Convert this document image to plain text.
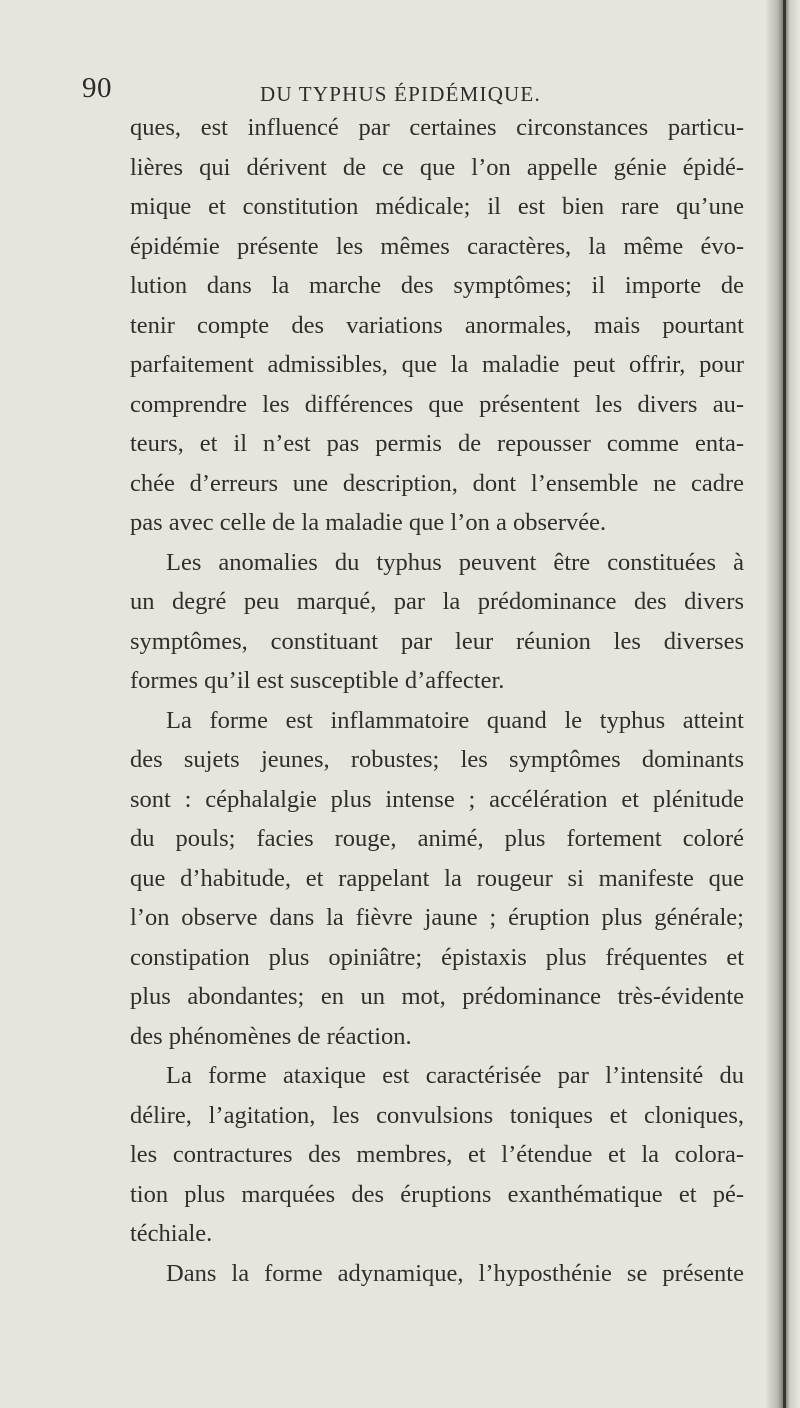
90	DU TYPHUS ÉPIDÉMIQUE.
ques, est influencé par certaines circonstances particu-
lières qui dérivent de ce que l’on appelle génie épidé-
mique et constitution médicale; il est bien rare qu’une
épidémie présente les mêmes caractères, la même évo-
lution dans la marche des symptômes; il importe de
tenir compte des variations anormales, mais pourtant
parfaitement admissibles, que la maladie peut offrir, pour
comprendre les différences que présentent les divers au-
teurs, et il n’est pas permis de repousser comme enta-
chée d’erreurs une description, dont l’ensemble ne cadre
pas avec celle de la maladie que l’on a observée.
Les anomalies du typhus peuvent être constituées à
un degré peu marqué, par la prédominance des divers
symptômes, constituant par leur réunion les diverses
formes qu’il est susceptible d’affecter.
La forme est inflammatoire quand le typhus atteint
des sujets jeunes, robustes; les symptômes dominants
sont : céphalalgie plus intense ; accélération et plénitude
du pouls; facies rouge, animé, plus fortement coloré
que d’habitude, et rappelant la rougeur si manifeste que
l’on observe dans la fièvre jaune ; éruption plus générale;
constipation plus opiniâtre; épistaxis plus fréquentes et
plus abondantes; en un mot, prédominance très-évidente
des phénomènes de réaction.
La forme ataxique est caractérisée par l’intensité du
délire, l’agitation, les convulsions toniques et cloniques,
les contractures des membres, et l’étendue et la colora-
tion plus marquées des éruptions exanthématique et pé-
téchiale.
Dans la forme adynamique, l’hyposthénie se présente
